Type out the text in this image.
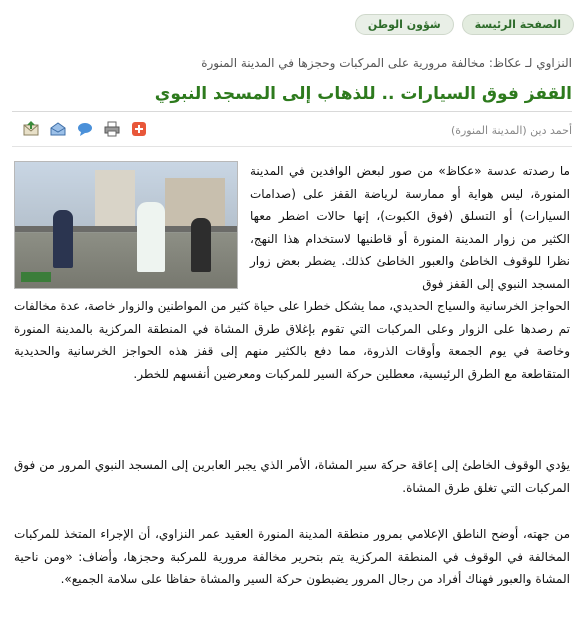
الصفحة الرئيسة
شؤون الوطن
النزاوي لـ عكاظ: مخالفة مرورية على المركبات وحجزها في المدينة المنورة
القفز فوق السيارات .. للذهاب إلى المسجد النبوي
أحمد دين (المدينة المنورة)
ما رصدته عدسة «عكاظ» من صور لبعض الوافدين في المدينة المنورة، ليس هواية أو ممارسة لرياضة القفز على (صدامات السيارات) أو التسلق (فوق الكبوت)، إنها حالات اضطر معها الكثير من زوار المدينة المنورة أو قاطنيها لاستخدام هذا النهج، نظرا للوقوف الخاطئ والعبور الخاطئ كذلك. يضطر بعض زوار المسجد النبوي إلى القفز فوق
الحواجز الخرسانية والسياج الحديدي، مما يشكل خطرا على حياة كثير من المواطنين والزوار خاصة، عدة مخالفات تم رصدها على الزوار وعلى المركبات التي تقوم بإغلاق طرق المشاة في المنطقة المركزية بالمدينة المنورة وخاصة في يوم الجمعة وأوقات الذروة، مما دفع بالكثير منهم إلى قفز هذه الحواجز الخرسانية والحديدية المتقاطعة مع الطرق الرئيسية، معطلين حركة السير للمركبات ومعرضين أنفسهم للخطر.
يؤدي الوقوف الخاطئ إلى إعاقة حركة سير المشاة، الأمر الذي يجبر العابرين إلى المسجد النبوي المرور من فوق المركبات التي تغلق طرق المشاة.
من جهته، أوضح الناطق الإعلامي بمرور منطقة المدينة المنورة العقيد عمر النزاوي، أن الإجراء المتخذ للمركبات المخالفة في الوقوف في المنطقة المركزية يتم بتحرير مخالفة مرورية للمركبة وحجزها، وأضاف: «ومن ناحية المشاة والعبور فهناك أفراد من رجال المرور يضبطون حركة السير والمشاة حفاظا على سلامة الجميع».
